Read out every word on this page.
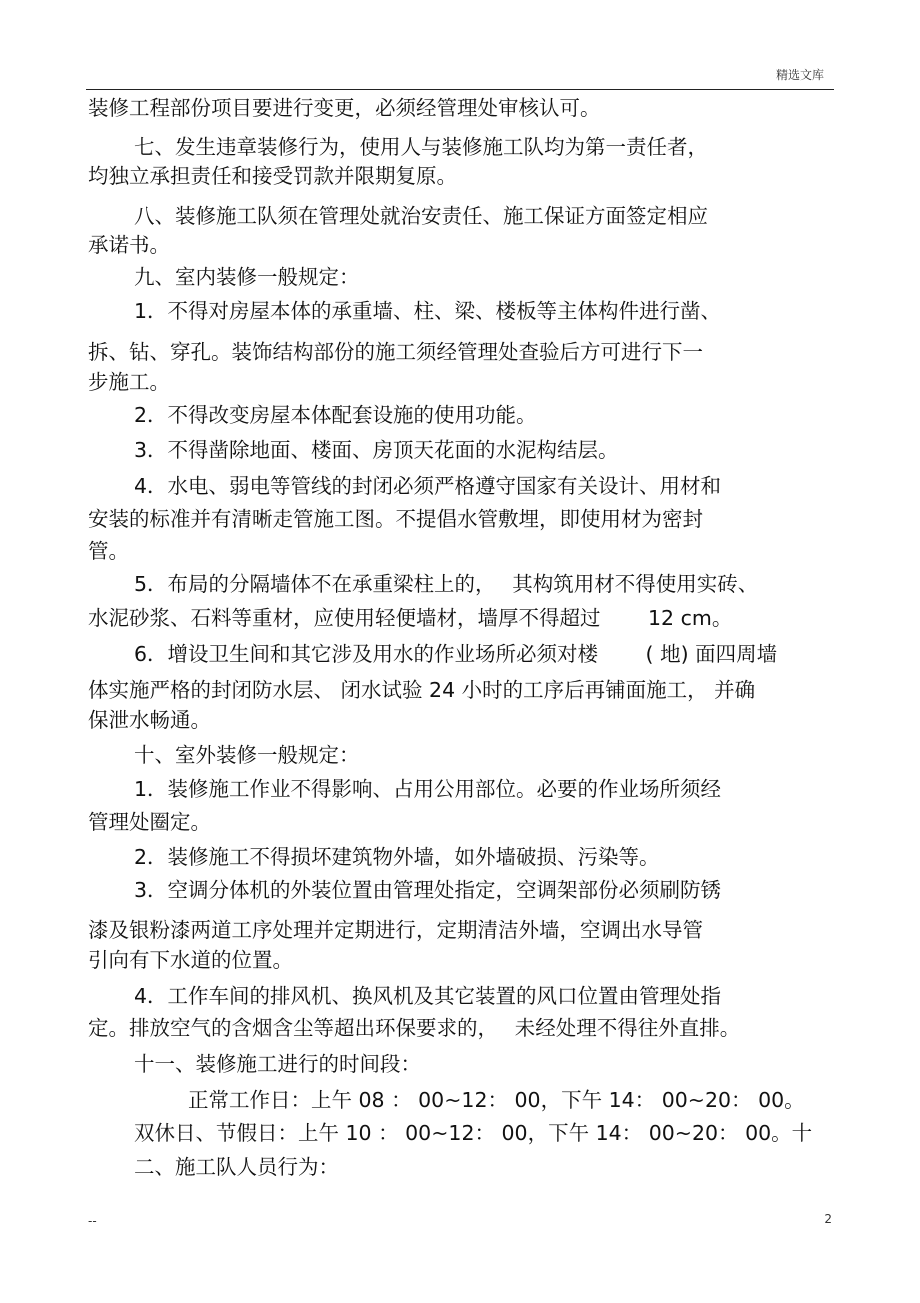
精选文库
装修工程部份项目要进行变更，必须经管理处审核认可。
七、发生违章装修行为，使用人与装修施工队均为第一责任者，
均独立承担责任和接受罚款并限期复原。
八、装修施工队须在管理处就治安责任、施工保证方面签定相应
承诺书。
九、室内装修一般规定：
1．不得对房屋本体的承重墙、柱、梁、楼板等主体构件进行凿、
拆、钻、穿孔。装饰结构部份的施工须经管理处查验后方可进行下一
步施工。
2．不得改变房屋本体配套设施的使用功能。
3．不得凿除地面、楼面、房顶天花面的水泥构结层。
4．水电、弱电等管线的封闭必须严格遵守国家有关设计、用材和
安装的标准并有清晰走管施工图。不提倡水管敷埋，即使用材为密封
管。
5．布局的分隔墙体不在承重梁柱上的，　 其构筑用材不得使用实砖、
水泥砂浆、石料等重材，应使用轻便墙材，墙厚不得超过　　 12 cm。
6．增设卫生间和其它涉及用水的作业场所必须对楼　　 ( 地) 面四周墙
体实施严格的封闭防水层、 闭水试验 24 小时的工序后再铺面施工， 并确
保泄水畅通。
十、室外装修一般规定：
1．装修施工作业不得影响、占用公用部位。必要的作业场所须经
管理处圈定。
2．装修施工不得损坏建筑物外墙，如外墙破损、污染等。
3．空调分体机的外装位置由管理处指定，空调架部份必须刷防锈
漆及银粉漆两道工序处理并定期进行，定期清洁外墙，空调出水导管
引向有下水道的位置。
4．工作车间的排风机、换风机及其它装置的风口位置由管理处指
定。排放空气的含烟含尘等超出环保要求的，　 未经处理不得往外直排。
十一、装修施工进行的时间段：
正常工作日：上午 08 ： 00~12： 00，下午 14： 00~20： 00。
双休日、节假日：上午 10 ： 00~12： 00，下午 14： 00~20： 00。十
二、施工队人员行为：
--	2
